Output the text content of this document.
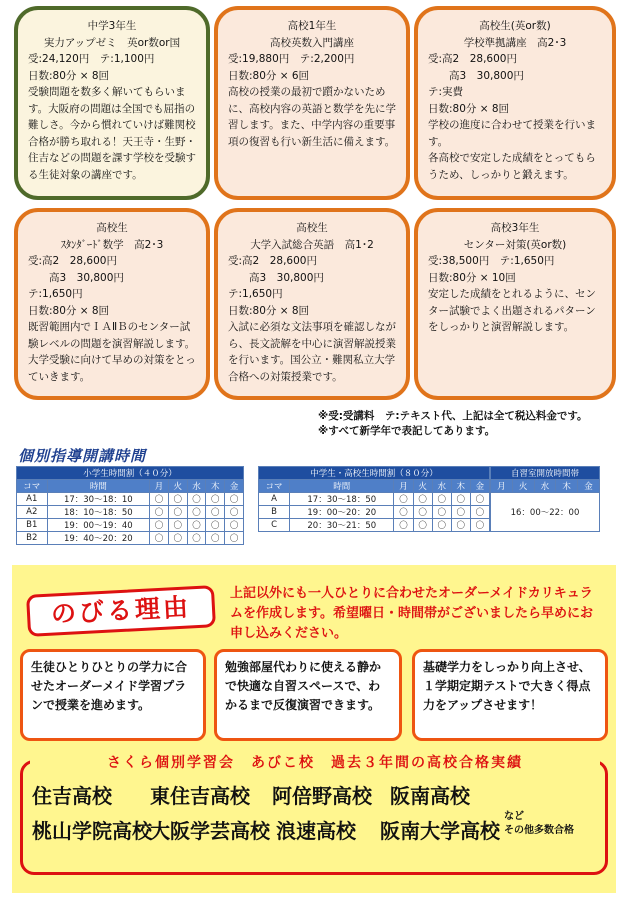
中学3年生
実力アップゼミ　英or数or国
受:24,120円　テ:1,100円
日数:80分 × 8回
受験問題を数多く解いてもらいます。大阪府の問題は全国でも屈指の難しさ。今から慣れていけば難関校合格が勝ち取れる！天王寺・生野・住吉などの問題を課す学校を受験する生徒対象の講座です。
高校1年生
高校英数入門講座
受:19,880円　テ:2,200円
日数:80分 × 6回
高校の授業の最初で躓かないために、高校内容の英語と数学を先に学習します。また、中学内容の重要事項の復習も行い新生活に備えます。
高校生(英or数)
学校準拠講座　高2･3
受:高2　28,600円
　　高3　30,800円
テ:実費
日数:80分 × 8回
学校の進度に合わせて授業を行います。
各高校で安定した成績をとってもらうため、しっかりと鍛えます。
高校生
ｽﾀﾝﾀﾞｰﾄﾞ数学　高2･3
受:高2　28,600円
　　高3　30,800円
テ:1,650円
日数:80分 × 8回
既習範囲内でＩＡⅡＢのセンター試験レベルの問題を演習解説します。大学受験に向けて早めの対策をとっていきます。
高校生
大学入試総合英語　高1･2
受:高2　28,600円
　　高3　30,800円
テ:1,650円
日数:80分 × 8回
入試に必須な文法事項を確認しながら、長文読解を中心に演習解説授業を行います。国公立・難関私立大学合格への対策授業です。
高校3年生
センター対策(英or数)
受:38,500円　テ:1,650円
日数:80分 × 10回
安定した成績をとれるように、センター試験でよく出題されるパターンをしっかりと演習解説します。
※受:受講料　テ:テキスト代、上記は全て税込料金です。
※すべて新学年で表記してあります。
個別指導開講時間
小学生時間割（４０分）						
コマ	時間	月	火	水	木	金
A1	17：30〜18：10	〇	〇	〇	〇	〇
A2	18：10〜18：50	〇	〇	〇	〇	〇
B1	19：00〜19：40	〇	〇	〇	〇	〇
B2	19：40〜20：20	〇	〇	〇	〇	〇
中学生・高校生時間割（８０分）						
コマ	時間	月	火	水	木	金
A	17：30〜18：50	〇	〇	〇	〇	〇
B	19：00〜20：20	〇	〇	〇	〇	〇
C	20：30〜21：50	〇	〇	〇	〇	〇
自習室開放時間帯
月	火	水	木	金
16：00〜22：00
のびる理由	上記以外にも一人ひとりに合わせたオーダーメイドカリキュラムを作成します。希望曜日・時間帯がございましたら早めにお申し込みください。
生徒ひとりひとりの学力に合せたオーダーメイド学習プランで授業を進めます。
勉強部屋代わりに使える静かで快適な自習スペースで、わかるまで反復演習できます。
基礎学力をしっかり向上させ、１学期定期テストで大きく得点力をアップさせます！
さくら個別学習会　あびこ校　過去３年間の高校合格実績
住吉高校 東住吉高校 阿倍野高校 阪南高校
桃山学院高校
大阪学芸高校 浪速高校 阪南大学高校
など
その他多数合格
